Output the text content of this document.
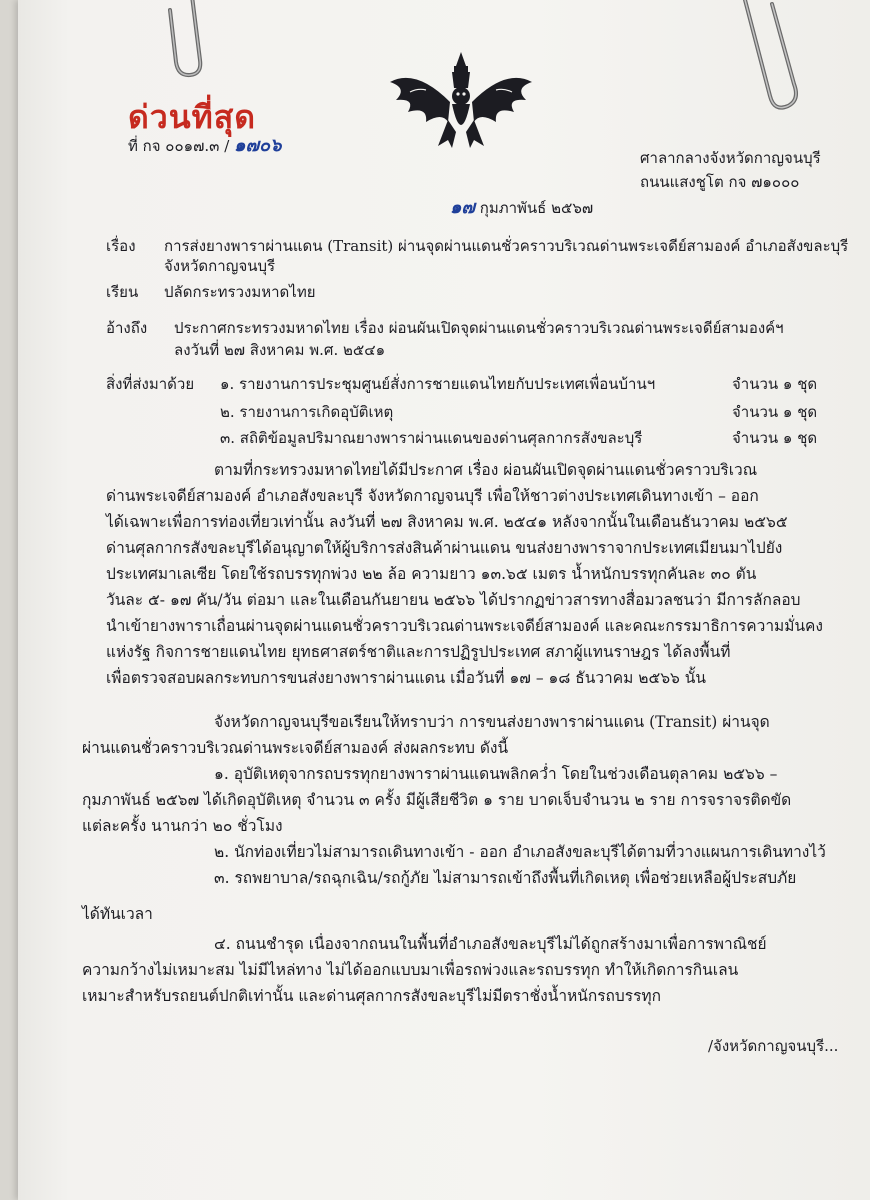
ด่วนที่สุด
ที่ กจ ๐๐๑๗.๓ / ๑๗๐๖
ศาลากลางจังหวัดกาญจนบุรี
ถนนแสงชูโต กจ ๗๑๐๐๐
๑๗ กุมภาพันธ์ ๒๕๖๗
เรื่อง การส่งยางพาราผ่านแดน (Transit) ผ่านจุดผ่านแดนชั่วคราวบริเวณด่านพระเจดีย์สามองค์ อำเภอสังขละบุรี
จังหวัดกาญจนบุรี
เรียน ปลัดกระทรวงมหาดไทย
อ้างถึง ประกาศกระทรวงมหาดไทย เรื่อง ผ่อนผันเปิดจุดผ่านแดนชั่วคราวบริเวณด่านพระเจดีย์สามองค์ฯ
ลงวันที่ ๒๗ สิงหาคม พ.ศ. ๒๕๔๑
สิ่งที่ส่งมาด้วย ๑. รายงานการประชุมศูนย์สั่งการชายแดนไทยกับประเทศเพื่อนบ้านฯ	จำนวน ๑ ชุด
๒. รายงานการเกิดอุบัติเหตุ	จำนวน ๑ ชุด
๓. สถิติข้อมูลปริมาณยางพาราผ่านแดนของด่านศุลกากรสังขละบุรี	จำนวน ๑ ชุด
ตามที่กระทรวงมหาดไทยได้มีประกาศ เรื่อง ผ่อนผันเปิดจุดผ่านแดนชั่วคราวบริเวณ
ด่านพระเจดีย์สามองค์ อำเภอสังขละบุรี จังหวัดกาญจนบุรี เพื่อให้ชาวต่างประเทศเดินทางเข้า – ออก
ได้เฉพาะเพื่อการท่องเที่ยวเท่านั้น ลงวันที่ ๒๗ สิงหาคม พ.ศ. ๒๕๔๑ หลังจากนั้นในเดือนธันวาคม ๒๕๖๕
ด่านศุลกากรสังขละบุรีได้อนุญาตให้ผู้บริการส่งสินค้าผ่านแดน ขนส่งยางพาราจากประเทศเมียนมาไปยัง
ประเทศมาเลเซีย โดยใช้รถบรรทุกพ่วง ๒๒ ล้อ ความยาว ๑๓.๖๕ เมตร น้ำหนักบรรทุกคันละ ๓๐ ตัน
วันละ ๕- ๑๗ คัน/วัน ต่อมา และในเดือนกันยายน ๒๕๖๖ ได้ปรากฏข่าวสารทางสื่อมวลชนว่า มีการลักลอบ
นำเข้ายางพาราเถื่อนผ่านจุดผ่านแดนชั่วคราวบริเวณด่านพระเจดีย์สามองค์ และคณะกรรมาธิการความมั่นคง
แห่งรัฐ กิจการชายแดนไทย ยุทธศาสตร์ชาติและการปฏิรูปประเทศ สภาผู้แทนราษฎร ได้ลงพื้นที่
เพื่อตรวจสอบผลกระทบการขนส่งยางพาราผ่านแดน เมื่อวันที่ ๑๗ – ๑๘ ธันวาคม ๒๕๖๖ นั้น
จังหวัดกาญจนบุรีขอเรียนให้ทราบว่า การขนส่งยางพาราผ่านแดน (Transit) ผ่านจุด
ผ่านแดนชั่วคราวบริเวณด่านพระเจดีย์สามองค์ ส่งผลกระทบ ดังนี้
๑. อุบัติเหตุจากรถบรรทุกยางพาราผ่านแดนพลิกคว่ำ โดยในช่วงเดือนตุลาคม ๒๕๖๖ –
กุมภาพันธ์ ๒๕๖๗ ได้เกิดอุบัติเหตุ จำนวน ๓ ครั้ง มีผู้เสียชีวิต ๑ ราย บาดเจ็บจำนวน ๒ ราย การจราจรติดขัด
แต่ละครั้ง นานกว่า ๒๐ ชั่วโมง
๒. นักท่องเที่ยวไม่สามารถเดินทางเข้า - ออก อำเภอสังขละบุรีได้ตามที่วางแผนการเดินทางไว้
๓. รถพยาบาล/รถฉุกเฉิน/รถกู้ภัย ไม่สามารถเข้าถึงพื้นที่เกิดเหตุ เพื่อช่วยเหลือผู้ประสบภัย
ได้ทันเวลา
๔. ถนนชำรุด เนื่องจากถนนในพื้นที่อำเภอสังขละบุรีไม่ได้ถูกสร้างมาเพื่อการพาณิชย์
ความกว้างไม่เหมาะสม ไม่มีไหล่ทาง ไม่ได้ออกแบบมาเพื่อรถพ่วงและรถบรรทุก ทำให้เกิดการกินเลน
เหมาะสำหรับรถยนต์ปกติเท่านั้น และด่านศุลกากรสังขละบุรีไม่มีตราชั่งน้ำหนักรถบรรทุก
/จังหวัดกาญจนบุรี...
